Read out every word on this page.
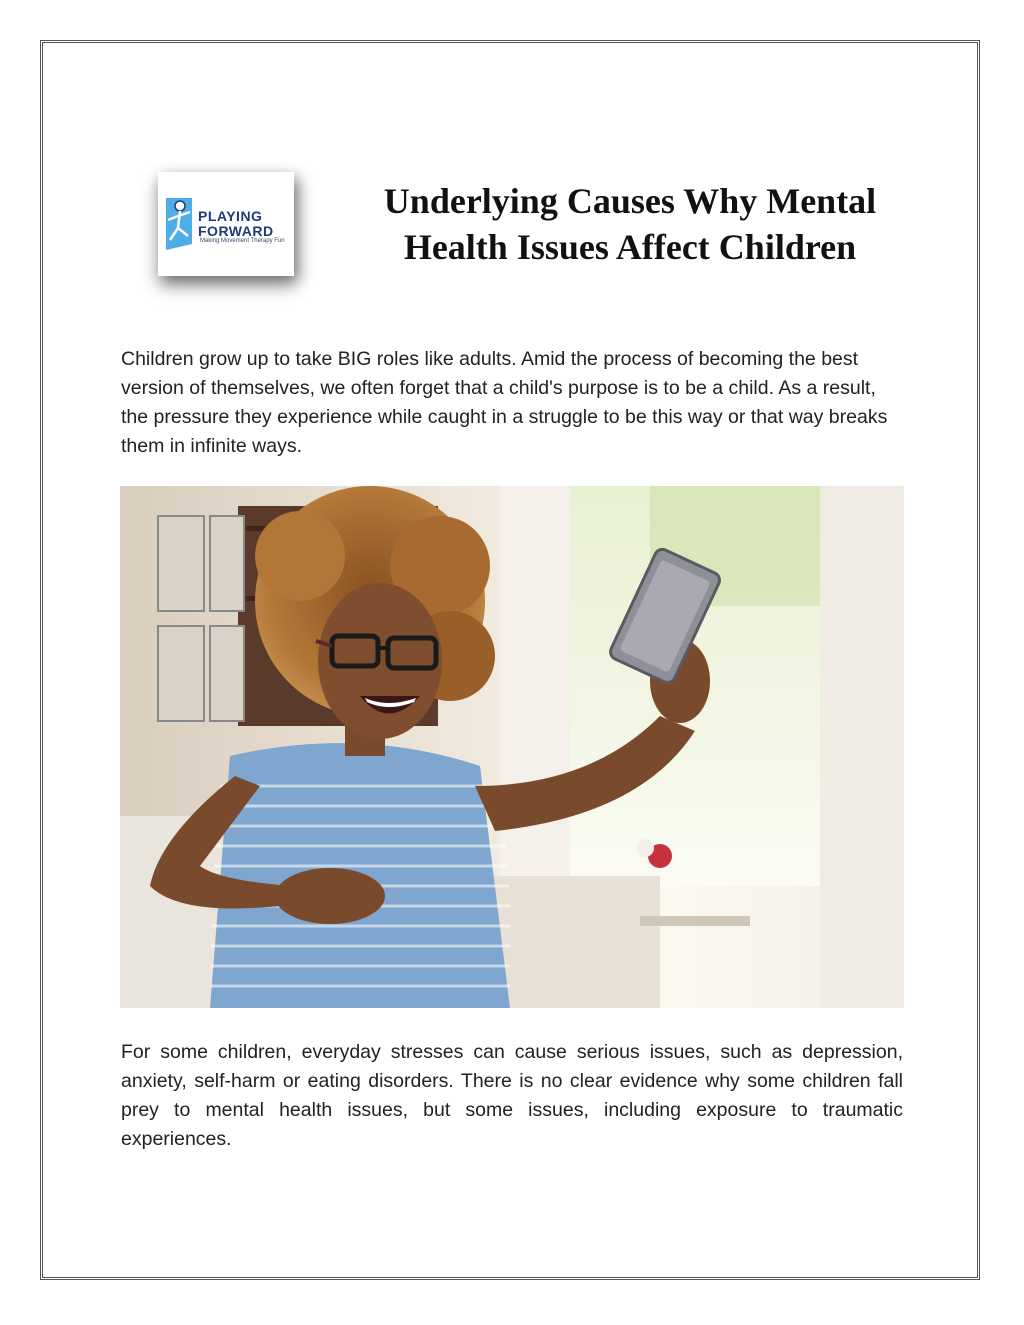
PLAYING
FORWARD
Making Movement Therapy Fun
Underlying Causes Why Mental
Health Issues Affect Children
Children grow up to take BIG roles like adults. Amid the process of becoming the best version of themselves, we often forget that a child's purpose is to be a child. As a result, the pressure they experience while caught in a struggle to be this way or that way breaks them in infinite ways.
For some children, everyday stresses can cause serious issues, such as depression, anxiety, self-harm or eating disorders. There is no clear evidence why some children fall prey to mental health issues, but some issues, including exposure to traumatic experiences.
